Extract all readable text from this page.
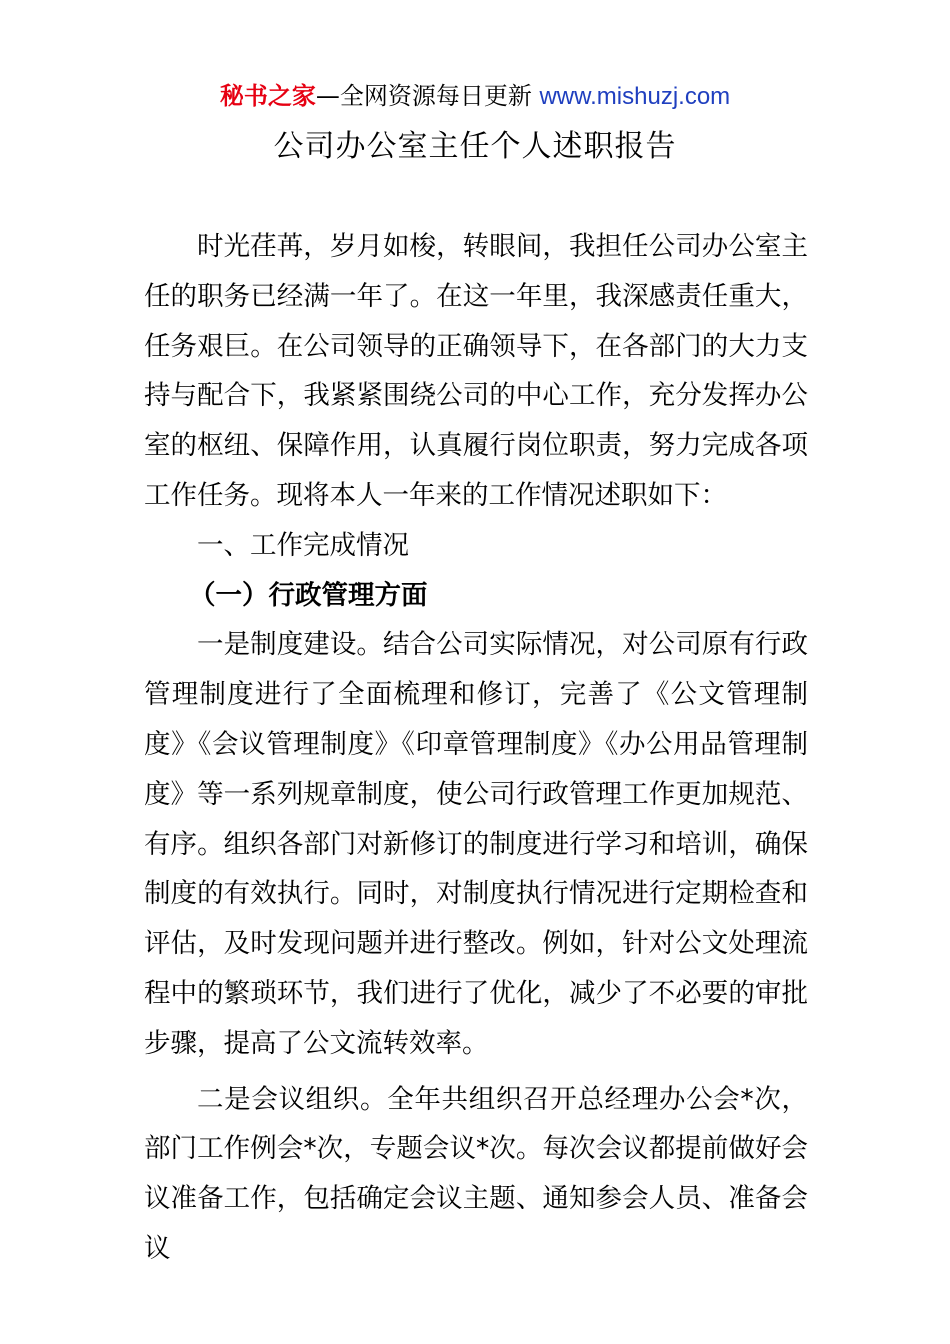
秘书之家—全网资源每日更新 www.mishuzj.com
公司办公室主任个人述职报告

时光荏苒，岁月如梭，转眼间，我担任公司办公室主任的职务已经满一年了。在这一年里，我深感责任重大，任务艰巨。在公司领导的正确领导下，在各部门的大力支持与配合下，我紧紧围绕公司的中心工作，充分发挥办公室的枢纽、保障作用，认真履行岗位职责，努力完成各项工作任务。现将本人一年来的工作情况述职如下：

一、工作完成情况

（一）行政管理方面

一是制度建设。结合公司实际情况，对公司原有行政管理制度进行了全面梳理和修订，完善了《公文管理制度》《会议管理制度》《印章管理制度》《办公用品管理制度》等一系列规章制度，使公司行政管理工作更加规范、有序。组织各部门对新修订的制度进行学习和培训，确保制度的有效执行。同时，对制度执行情况进行定期检查和评估，及时发现问题并进行整改。例如，针对公文处理流程中的繁琐环节，我们进行了优化，减少了不必要的审批步骤，提高了公文流转效率。

二是会议组织。全年共组织召开总经理办公会*次，部门工作例会*次，专题会议*次。每次会议都提前做好会议准备工作，包括确定会议主题、通知参会人员、准备会议
